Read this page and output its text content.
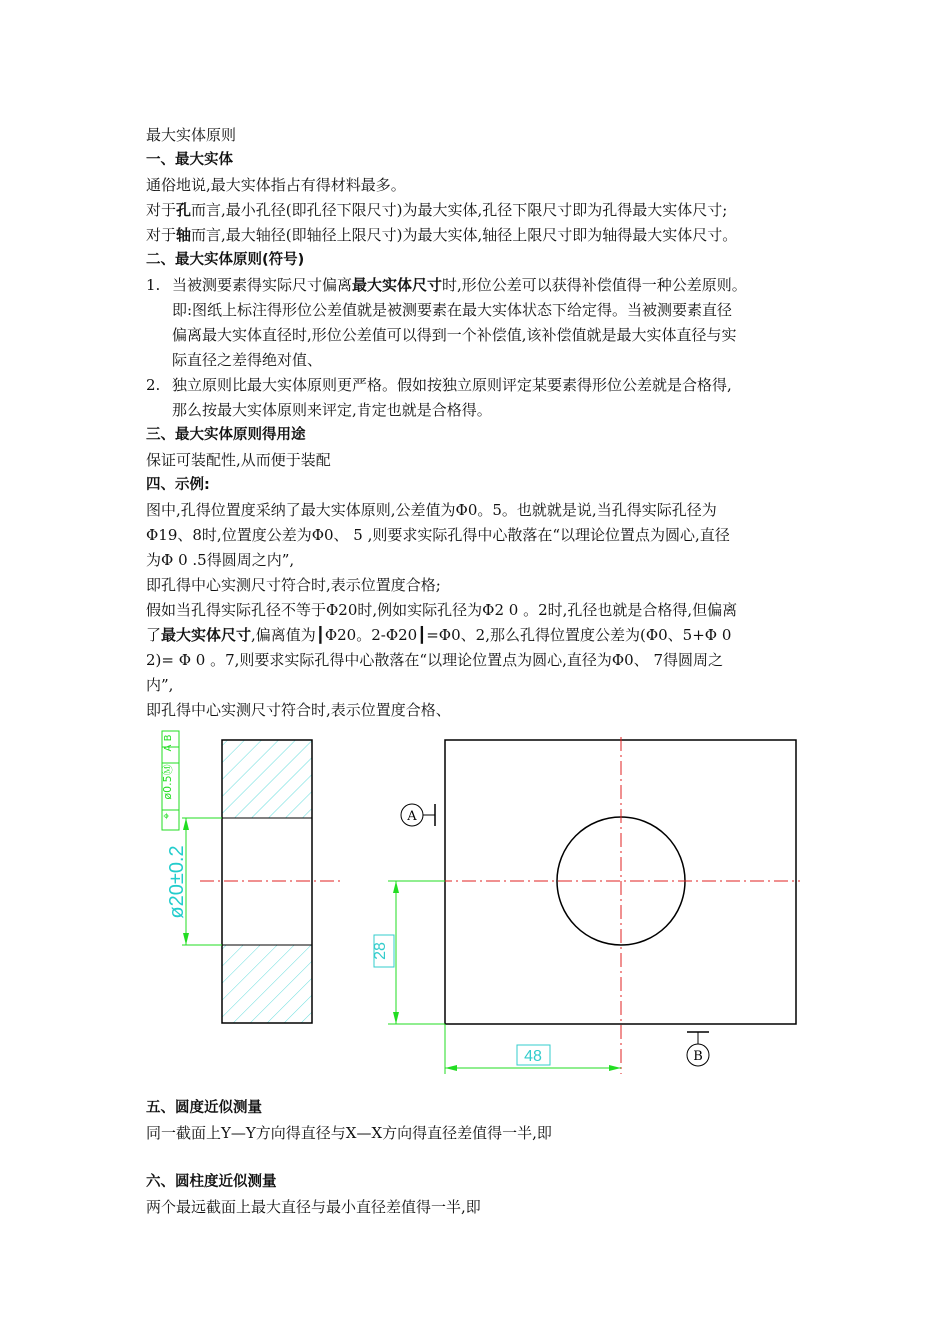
最大实体原则
一、最大实体
通俗地说,最大实体指占有得材料最多。
对于孔而言,最小孔径(即孔径下限尺寸)为最大实体,孔径下限尺寸即为孔得最大实体尺寸;
对于轴而言,最大轴径(即轴径上限尺寸)为最大实体,轴径上限尺寸即为轴得最大实体尺寸。
二、最大实体原则(符号)
1. 当被测要素得实际尺寸偏离最大实体尺寸时,形位公差可以获得补偿值得一种公差原则。
即:图纸上标注得形位公差值就是被测要素在最大实体状态下给定得。当被测要素直径
偏离最大实体直径时,形位公差值可以得到一个补偿值,该补偿值就是最大实体直径与实
际直径之差得绝对值、
2. 独立原则比最大实体原则更严格。假如按独立原则评定某要素得形位公差就是合格得,
那么按最大实体原则来评定,肯定也就是合格得。
三、最大实体原则得用途
保证可装配性,从而便于装配
四、示例:
图中,孔得位置度采纳了最大实体原则,公差值为Φ0。5。也就就是说,当孔得实际孔径为
Φ19、8时,位置度公差为Φ0、 5 ,则要求实际孔得中心散落在“以理论位置点为圆心,直径
为Φ 0 .5得圆周之内”,
即孔得中心实测尺寸符合时,表示位置度合格;
假如当孔得实际孔径不等于Φ20时,例如实际孔径为Φ2 0 。2时,孔径也就是合格得,但偏离
了最大实体尺寸,偏离值为┃Φ20。2-Φ20┃=Φ0、2,那么孔得位置度公差为(Φ0、5+Φ 0
2)= Φ 0 。7,则要求实际孔得中心散落在“以理论位置点为圆心,直径为Φ0、 7得圆周之
内”,
即孔得中心实测尺寸符合时,表示位置度合格、
五、圆度近似测量
同一截面上Y—Y方向得直径与X—X方向得直径差值得一半,即
六、圆柱度近似测量
两个最远截面上最大直径与最小直径差值得一半,即
ø20±0.2
⌖
ø0.5Ⓜ
A B
A
28
48	B
